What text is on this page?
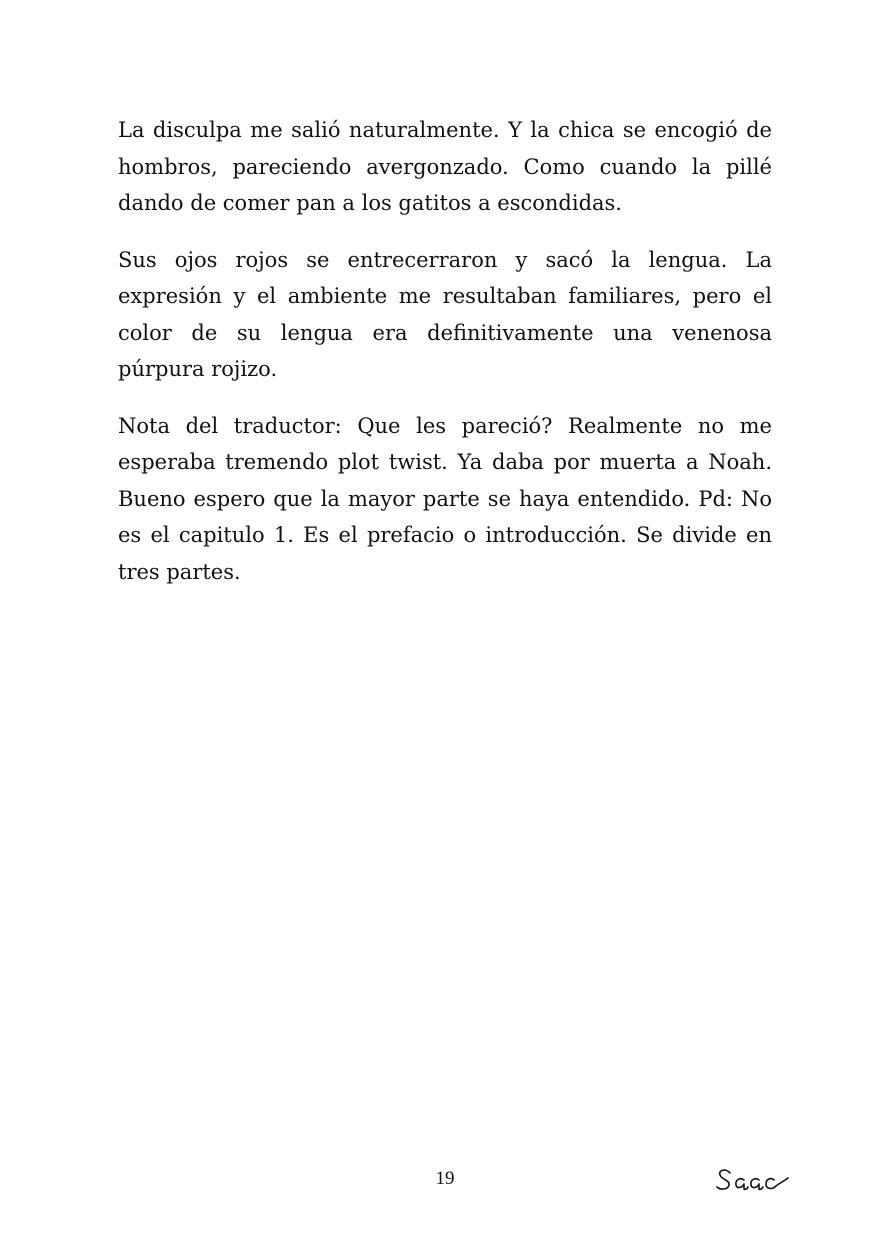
La disculpa me salió naturalmente. Y la chica se encogió de hombros, pareciendo avergonzado. Como cuando la pillé dando de comer pan a los gatitos a escondidas.

Sus ojos rojos se entrecerraron y sacó la lengua. La expresión y el ambiente me resultaban familiares, pero el color de su lengua era definitivamente una venenosa púrpura rojizo.

Nota del traductor: Que les pareció? Realmente no me esperaba tremendo plot twist. Ya daba por muerta a Noah. Bueno espero que la mayor parte se haya entendido. Pd: No es el capitulo 1. Es el prefacio o introducción. Se divide en tres partes.

19
